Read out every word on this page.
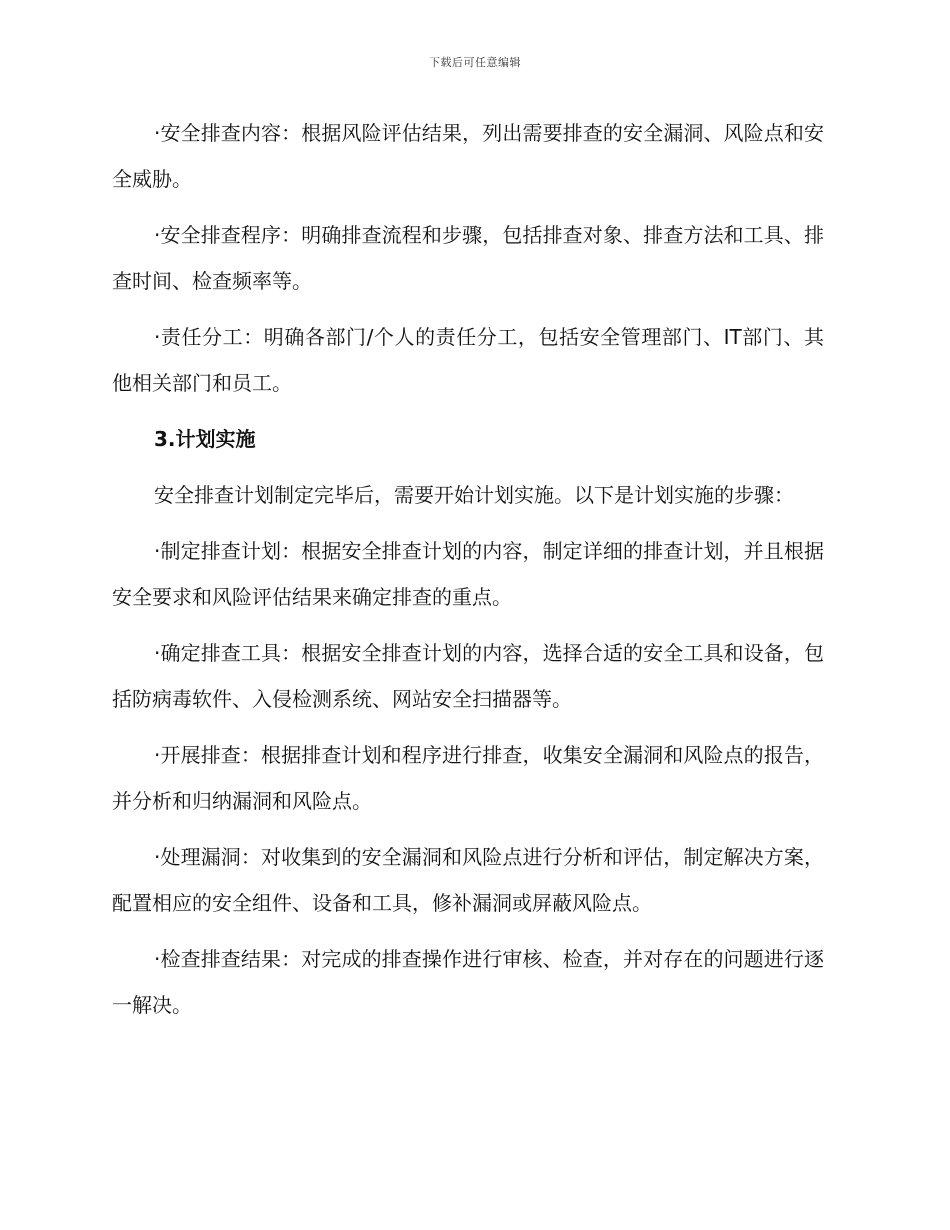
下载后可任意编辑

·安全排查内容：根据风险评估结果，列出需要排查的安全漏洞、风险点和安全威胁。

·安全排查程序：明确排查流程和步骤，包括排查对象、排查方法和工具、排查时间、检查频率等。

·责任分工：明确各部门/个人的责任分工，包括安全管理部门、IT部门、其他相关部门和员工。

3.计划实施

安全排查计划制定完毕后，需要开始计划实施。以下是计划实施的步骤：

·制定排查计划：根据安全排查计划的内容，制定详细的排查计划，并且根据安全要求和风险评估结果来确定排查的重点。

·确定排查工具：根据安全排查计划的内容，选择合适的安全工具和设备，包括防病毒软件、入侵检测系统、网站安全扫描器等。

·开展排查：根据排查计划和程序进行排查，收集安全漏洞和风险点的报告，并分析和归纳漏洞和风险点。

·处理漏洞：对收集到的安全漏洞和风险点进行分析和评估，制定解决方案，配置相应的安全组件、设备和工具，修补漏洞或屏蔽风险点。

·检查排查结果：对完成的排查操作进行审核、检查，并对存在的问题进行逐一解决。
